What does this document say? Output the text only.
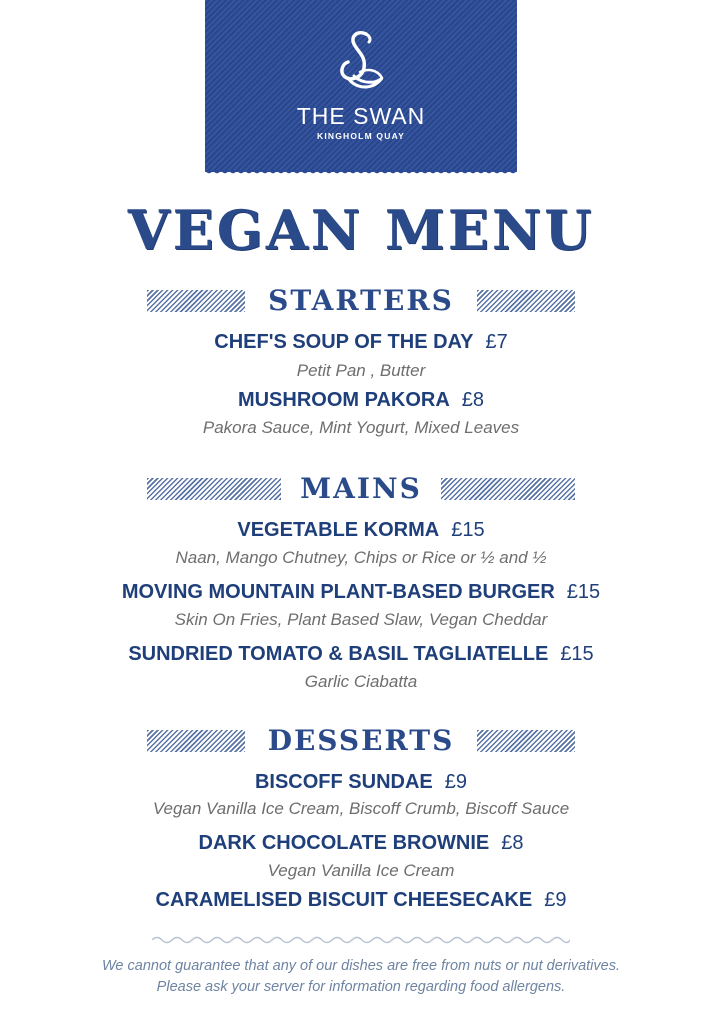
THE SWAN
KINGHOLM QUAY
VEGAN MENU
STARTERS
CHEF'S SOUP OF THE DAY £7
Petit Pan , Butter
MUSHROOM PAKORA £8
Pakora Sauce, Mint Yogurt, Mixed Leaves
MAINS
VEGETABLE KORMA £15
Naan, Mango Chutney, Chips or Rice or ½ and ½
MOVING MOUNTAIN PLANT-BASED BURGER £15
Skin On Fries, Plant Based Slaw, Vegan Cheddar
SUNDRIED TOMATO & BASIL TAGLIATELLE £15
Garlic Ciabatta
DESSERTS
BISCOFF SUNDAE £9
Vegan Vanilla Ice Cream, Biscoff Crumb, Biscoff Sauce
DARK CHOCOLATE BROWNIE £8
Vegan Vanilla Ice Cream
CARAMELISED BISCUIT CHEESECAKE £9
We cannot guarantee that any of our dishes are free from nuts or nut derivatives.
Please ask your server for information regarding food allergens.
